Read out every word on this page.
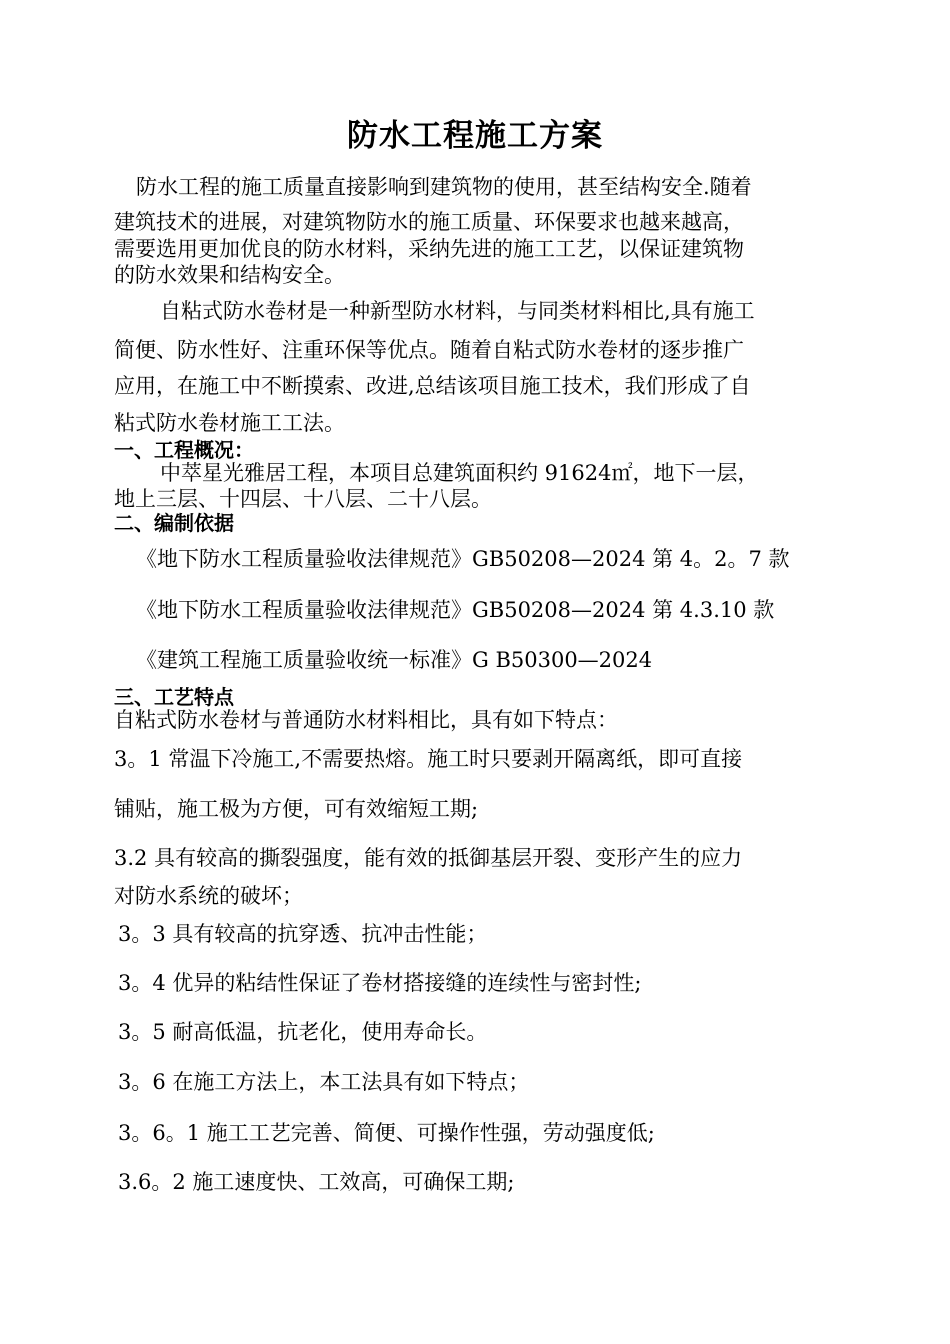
防水工程施工方案
防水工程的施工质量直接影响到建筑物的使用，甚至结构安全.随着
建筑技术的进展，对建筑物防水的施工质量、环保要求也越来越高，
需要选用更加优良的防水材料，采纳先进的施工工艺，以保证建筑物
的防水效果和结构安全。
自粘式防水卷材是一种新型防水材料，与同类材料相比,具有施工
简便、防水性好、注重环保等优点。随着自粘式防水卷材的逐步推广
应用，在施工中不断摸索、改进,总结该项目施工技术，我们形成了自
粘式防水卷材施工工法。
一、工程概况：
中萃星光雅居工程，本项目总建筑面积约 91624㎡，地下一层，
地上三层、十四层、十八层、二十八层。
二、编制依据
《地下防水工程质量验收法律规范》GB50208—2024 第 4。2。7 款
《地下防水工程质量验收法律规范》GB50208—2024 第 4.3.10 款
《建筑工程施工质量验收统一标准》G B50300—2024
三、工艺特点
自粘式防水卷材与普通防水材料相比，具有如下特点：
3。1 常温下冷施工,不需要热熔。施工时只要剥开隔离纸，即可直接
铺贴，施工极为方便，可有效缩短工期;
3.2 具有较高的撕裂强度，能有效的抵御基层开裂、变形产生的应力
对防水系统的破坏；
3。3 具有较高的抗穿透、抗冲击性能；
3。4 优异的粘结性保证了卷材搭接缝的连续性与密封性;
3。5 耐高低温，抗老化，使用寿命长。
3。6 在施工方法上，本工法具有如下特点；
3。6。1 施工工艺完善、简便、可操作性强，劳动强度低;
3.6。2 施工速度快、工效高，可确保工期;
